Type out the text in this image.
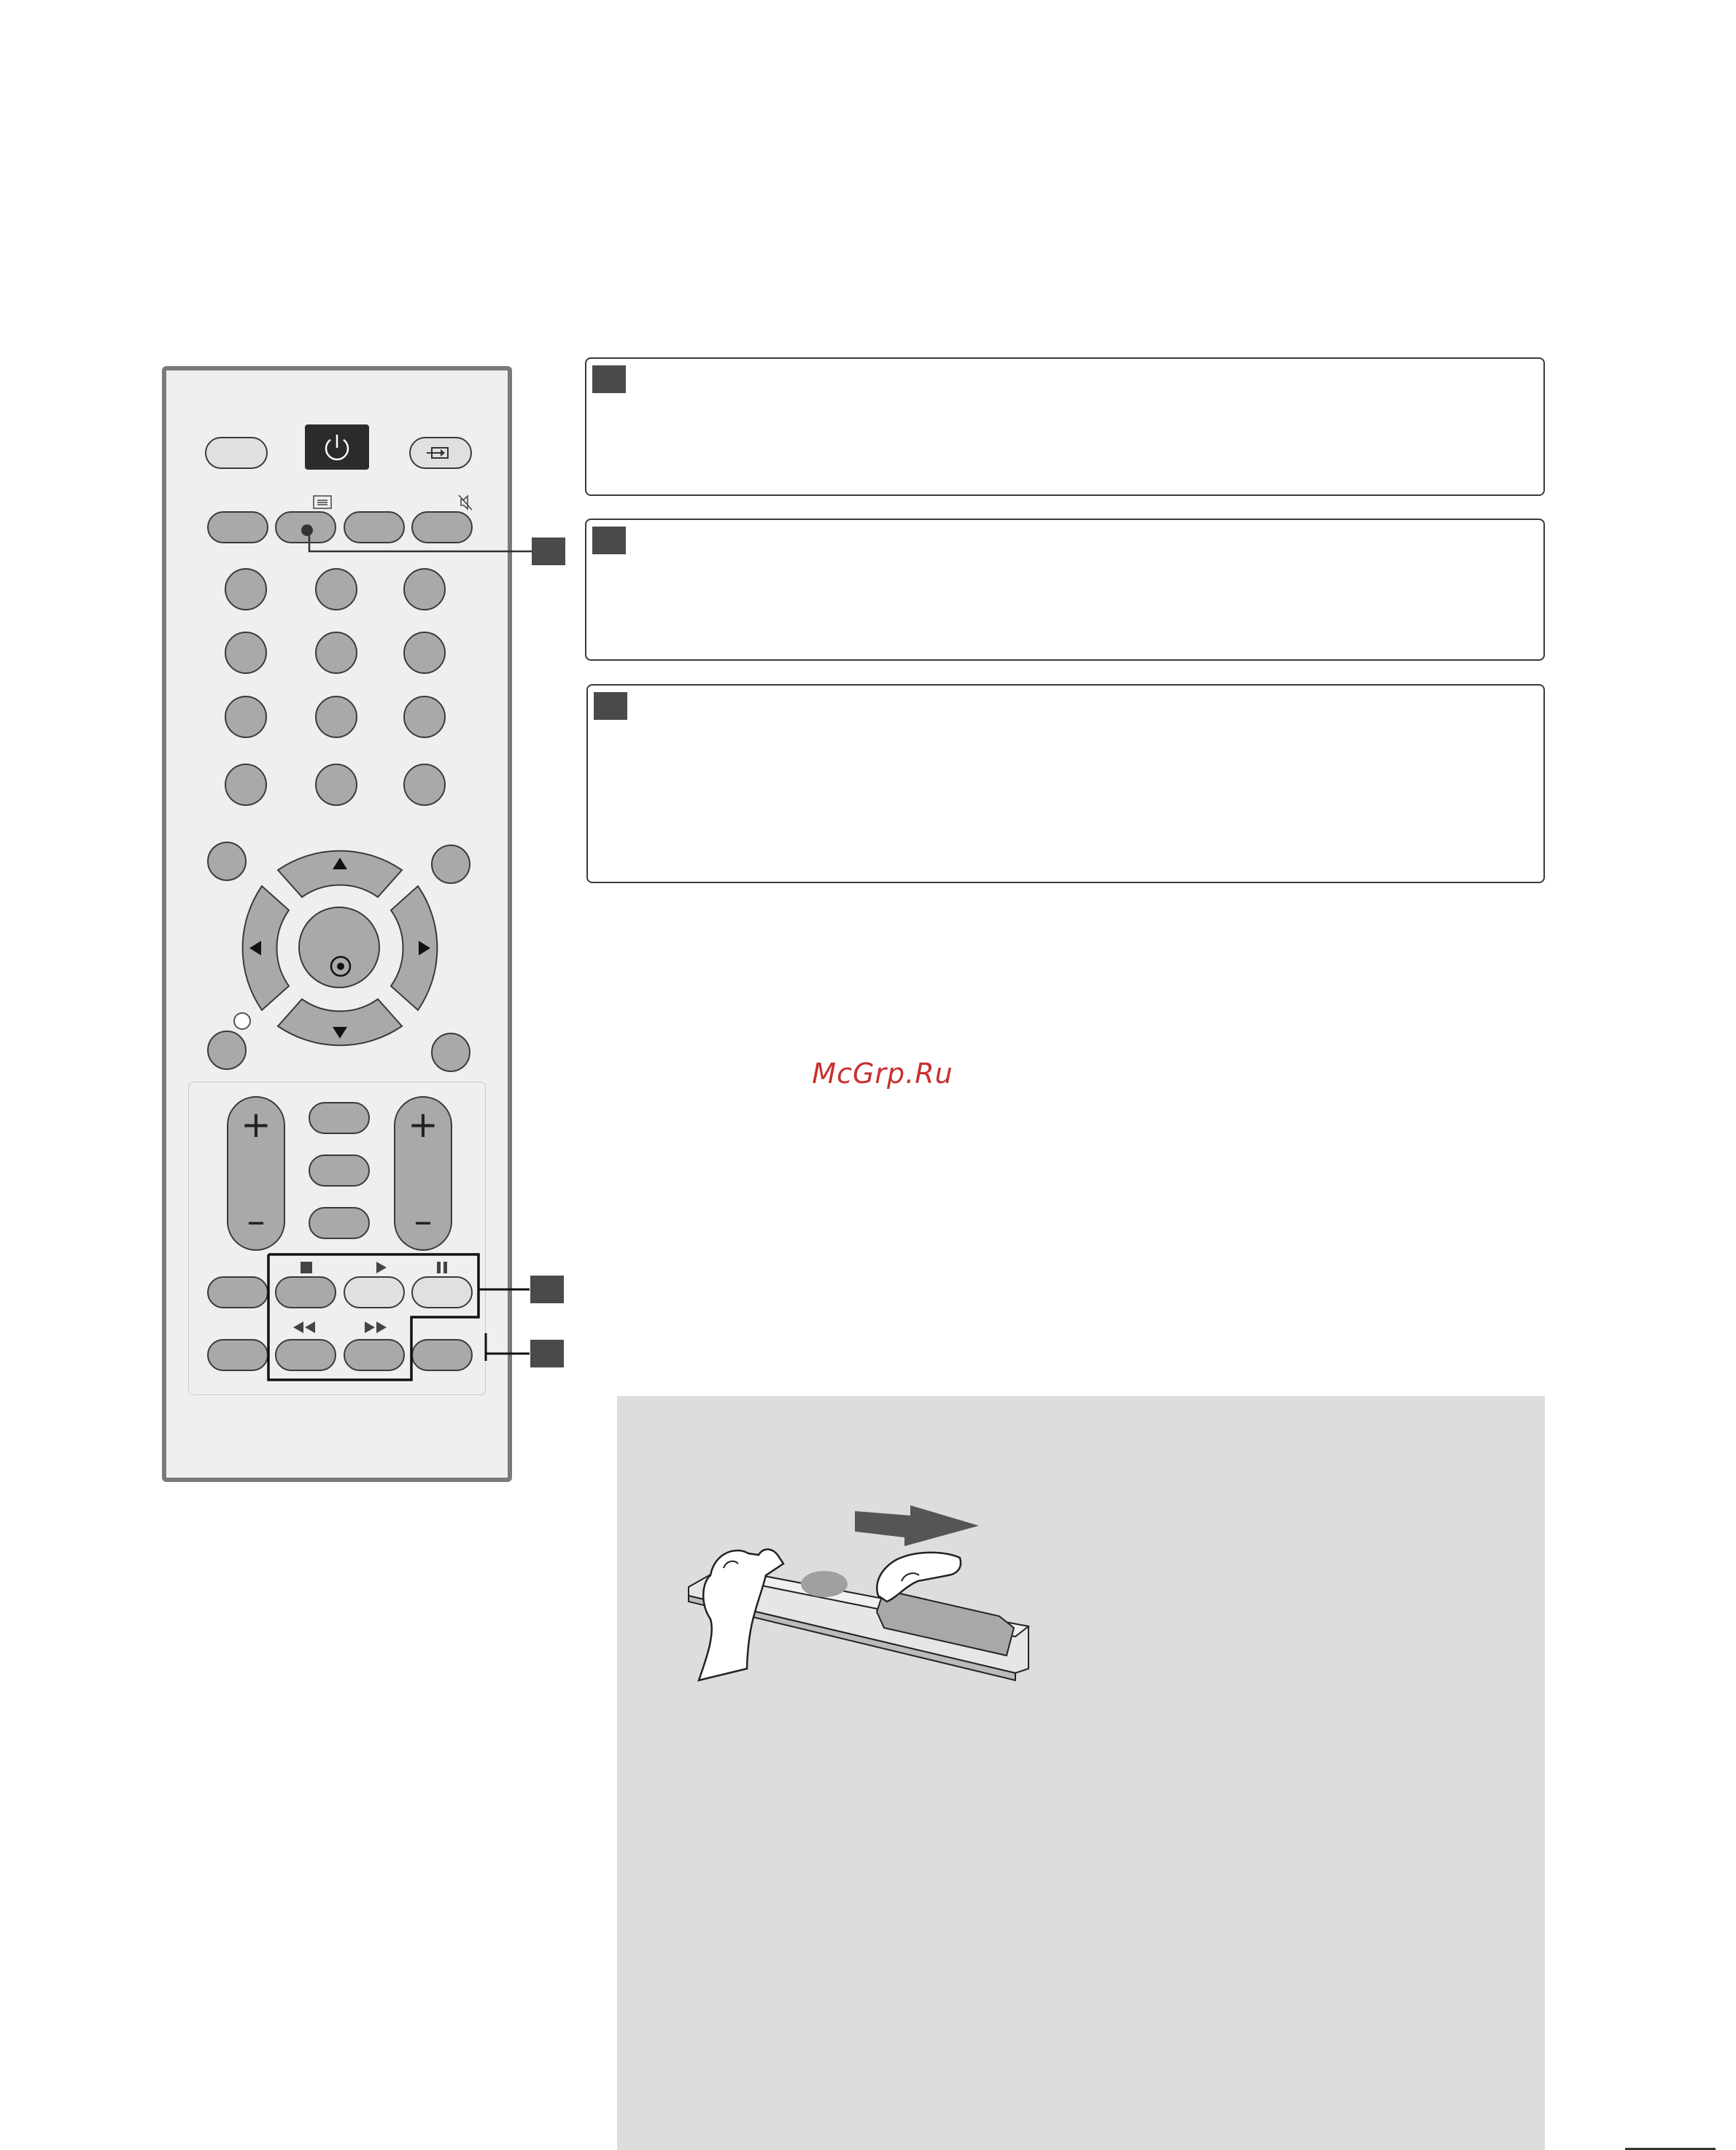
+
–
+
–
McGrp.Ru
